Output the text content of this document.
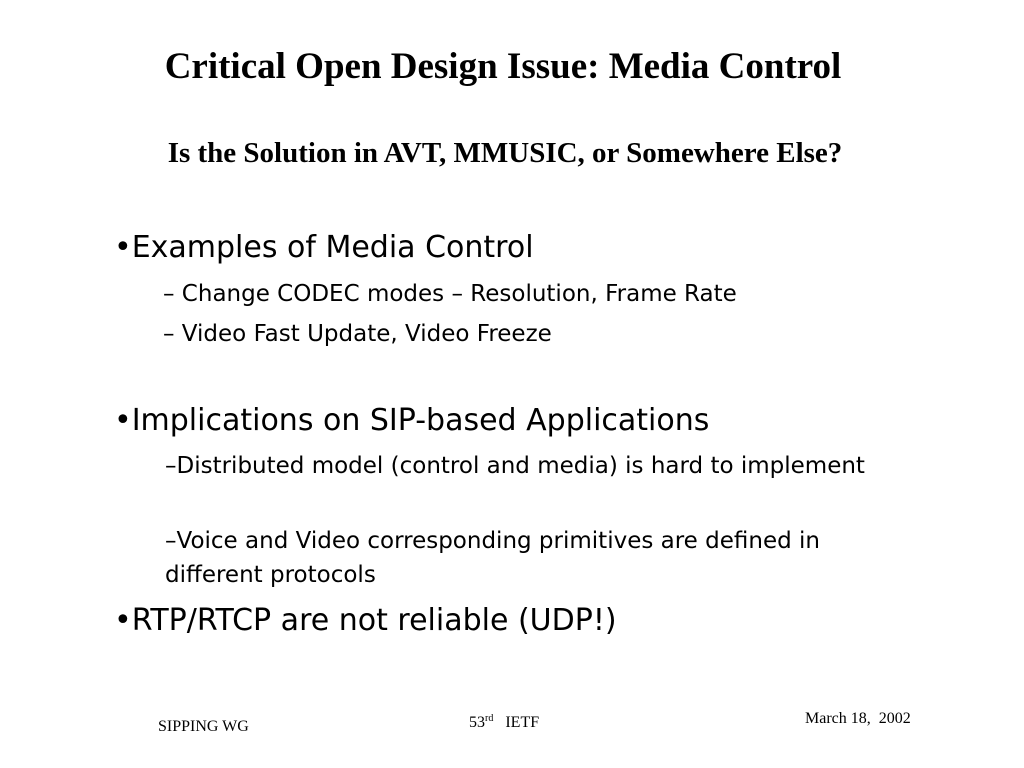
Critical Open Design Issue: Media Control
Is the Solution in AVT, MMUSIC, or Somewhere Else?
•Examples of Media Control
– Change CODEC modes – Resolution, Frame Rate
– Video Fast Update, Video Freeze
•Implications on SIP-based Applications
–Distributed model (control and media) is hard to implement
–Voice and Video corresponding primitives are defined in different protocols
•RTP/RTCP are not reliable (UDP!)
SIPPING WG	53rd   IETF	March 18,  2002
